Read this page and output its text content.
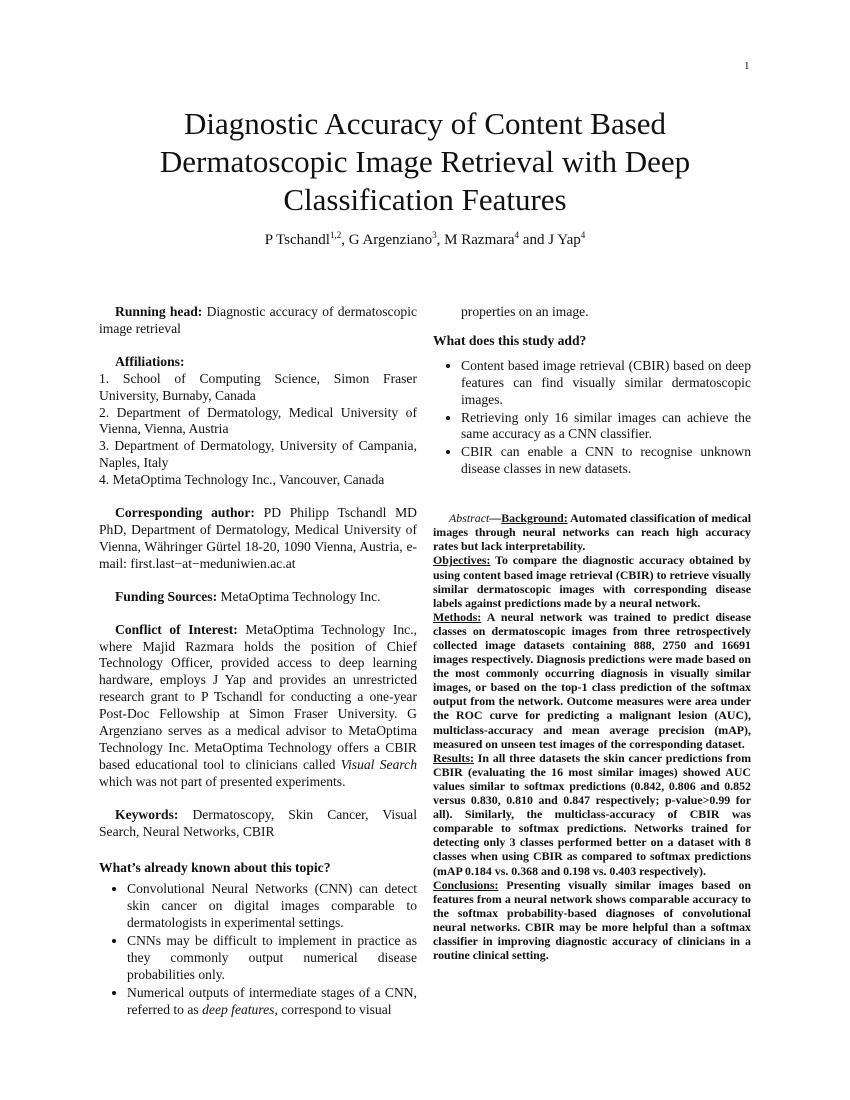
1
Diagnostic Accuracy of Content Based Dermatoscopic Image Retrieval with Deep Classification Features
P Tschandl$^{1,2}$, G Argenziano$^3$, M Razmara$^4$ and J Yap$^4$

Running head: Diagnostic accuracy of dermatoscopic image retrieval

Affiliations:

1. School of Computing Science, Simon Fraser University, Burnaby, Canada

2. Department of Dermatology, Medical University of Vienna, Vienna, Austria

3. Department of Dermatology, University of Campania, Naples, Italy

4. MetaOptima Technology Inc., Vancouver, Canada

Corresponding author: PD Philipp Tschandl MD PhD, Department of Dermatology, Medical University of Vienna, Währinger Gürtel 18-20, 1090 Vienna, Austria, e-mail: first.last−at−meduniwien.ac.at

Funding Sources: MetaOptima Technology Inc.

Conflict of Interest: MetaOptima Technology Inc., where Majid Razmara holds the position of Chief Technology Officer, provided access to deep learning hardware, employs J Yap and provides an unrestricted research grant to P Tschandl for conducting a one-year Post-Doc Fellowship at Simon Fraser University. G Argenziano serves as a medical advisor to MetaOptima Technology Inc. MetaOptima Technology offers a CBIR based educational tool to clinicians called Visual Search which was not part of presented experiments.

Keywords: Dermatoscopy, Skin Cancer, Visual Search, Neural Networks, CBIR

What’s already known about this topic?

• Convolutional Neural Networks (CNN) can detect skin cancer on digital images comparable to dermatologists in experimental settings.
• CNNs may be difficult to implement in practice as they commonly output numerical disease probabilities only.
• Numerical outputs of intermediate stages of a CNN, referred to as deep features, correspond to visual

properties on an image.

What does this study add?

• Content based image retrieval (CBIR) based on deep features can find visually similar dermatoscopic images.
• Retrieving only 16 similar images can achieve the same accuracy as a CNN classifier.
• CBIR can enable a CNN to recognise unknown disease classes in new datasets.

Abstract—Background: Automated classification of medical images through neural networks can reach high accuracy rates but lack interpretability.

Objectives: To compare the diagnostic accuracy obtained by using content based image retrieval (CBIR) to retrieve visually similar dermatoscopic images with corresponding disease labels against predictions made by a neural network.

Methods: A neural network was trained to predict disease classes on dermatoscopic images from three retrospectively collected image datasets containing 888, 2750 and 16691 images respectively. Diagnosis predictions were made based on the most commonly occurring diagnosis in visually similar images, or based on the top-1 class prediction of the softmax output from the network. Outcome measures were area under the ROC curve for predicting a malignant lesion (AUC), multiclass-accuracy and mean average precision (mAP), measured on unseen test images of the corresponding dataset.

Results: In all three datasets the skin cancer predictions from CBIR (evaluating the 16 most similar images) showed AUC values similar to softmax predictions (0.842, 0.806 and 0.852 versus 0.830, 0.810 and 0.847 respectively; p-value>0.99 for all). Similarly, the multiclass-accuracy of CBIR was comparable to softmax predictions. Networks trained for detecting only 3 classes performed better on a dataset with 8 classes when using CBIR as compared to softmax predictions (mAP 0.184 vs. 0.368 and 0.198 vs. 0.403 respectively).

Conclusions: Presenting visually similar images based on features from a neural network shows comparable accuracy to the softmax probability-based diagnoses of convolutional neural networks. CBIR may be more helpful than a softmax classifier in improving diagnostic accuracy of clinicians in a routine clinical setting.
